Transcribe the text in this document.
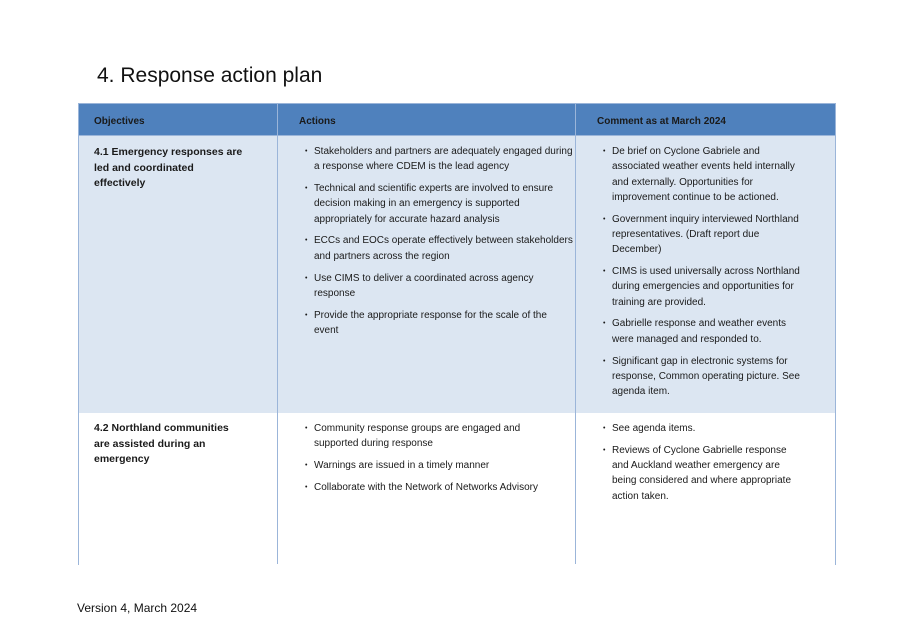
4. Response action plan
Objectives	Actions	Comment as at March 2024
4.1 Emergency responses are led and coordinated effectively
• Stakeholders and partners are adequately engaged during a response where CDEM is the lead agency
• Technical and scientific experts are involved to ensure decision making in an emergency is supported appropriately for accurate hazard analysis
• ECCs and EOCs operate effectively between stakeholders and partners across the region
• Use CIMS to deliver a coordinated across agency response
• Provide the appropriate response for the scale of the event
• De brief on Cyclone Gabriele and associated weather events held internally and externally. Opportunities for improvement continue to be actioned.
• Government inquiry interviewed Northland representatives. (Draft report due December)
• CIMS is used universally across Northland during emergencies and opportunities for training are provided.
• Gabrielle response and weather events were managed and responded to.
• Significant gap in electronic systems for response, Common operating picture. See agenda item.
4.2 Northland communities are assisted during an emergency
• Community response groups are engaged and supported during response
• Warnings are issued in a timely manner
• Collaborate with the Network of Networks Advisory
• See agenda items.
• Reviews of Cyclone Gabrielle response and Auckland weather emergency are being considered and where appropriate action taken.
Version 4, March 2024
